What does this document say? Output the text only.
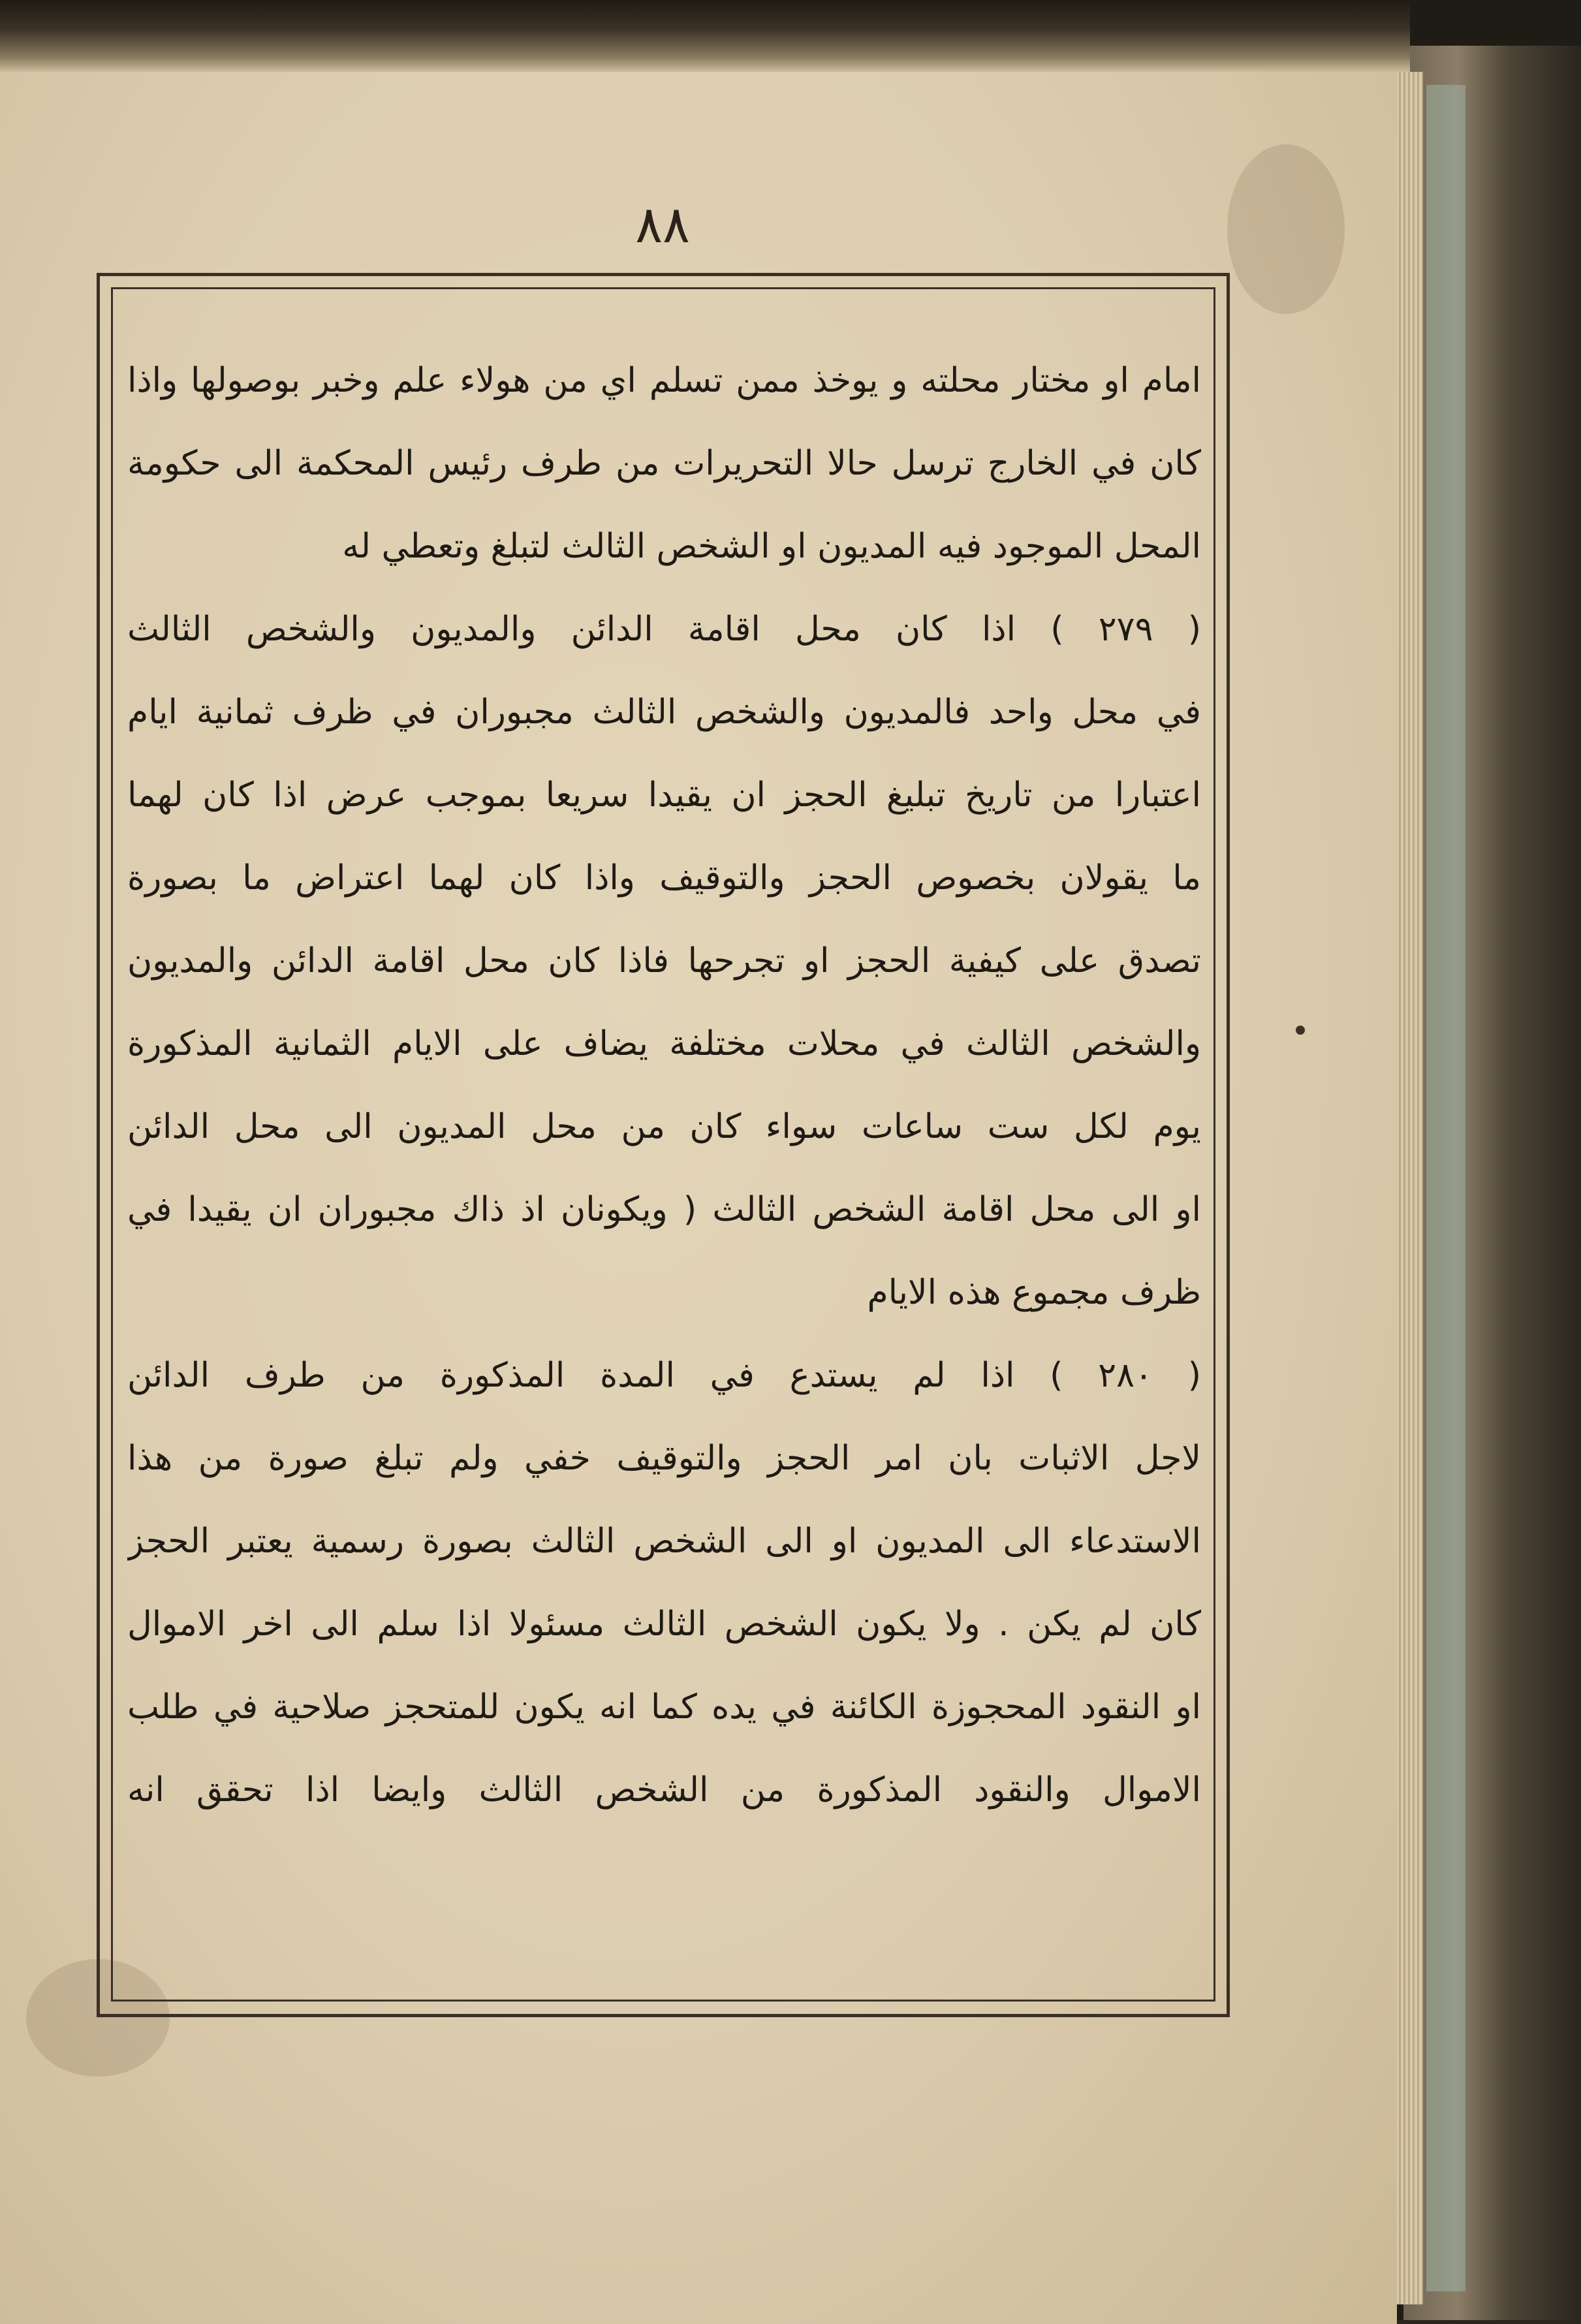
٨٨
امام او مختار محلته و يوخذ ممن تسلم اي من هولاء علم وخبر بوصولها واذا
كان في الخارج ترسل حالا التحريرات من طرف رئيس المحكمة الى حكومة
المحل الموجود فيه المديون او الشخص الثالث لتبلغ وتعطي له
( ٢٧٩ ) اذا كان محل اقامة الدائن والمديون والشخص الثالث
في محل واحد فالمديون والشخص الثالث مجبوران في ظرف ثمانية ايام
اعتبارا من تاريخ تبليغ الحجز ان يقيدا سريعا بموجب عرض اذا كان لهما
ما يقولان بخصوص الحجز والتوقيف واذا كان لهما اعتراض ما بصورة
تصدق على كيفية الحجز او تجرحها فاذا كان محل اقامة الدائن والمديون
والشخص الثالث في محلات مختلفة يضاف على الايام الثمانية المذكورة
يوم لكل ست ساعات سواء كان من محل المديون الى محل الدائن
او الى محل اقامة الشخص الثالث ( ويكونان اذ ذاك مجبوران ان يقيدا في
ظرف مجموع هذه الايام
( ٢٨٠ ) اذا لم يستدع في المدة المذكورة من طرف الدائن
لاجل الاثبات بان امر الحجز والتوقيف خفي ولم تبلغ صورة من هذا
الاستدعاء الى المديون او الى الشخص الثالث بصورة رسمية يعتبر الحجز
كان لم يكن . ولا يكون الشخص الثالث مسئولا اذا سلم الى اخر الاموال
او النقود المحجوزة الكائنة في يده كما انه يكون للمتحجز صلاحية في طلب
الاموال والنقود المذكورة من الشخص الثالث وايضا اذا تحقق انه
